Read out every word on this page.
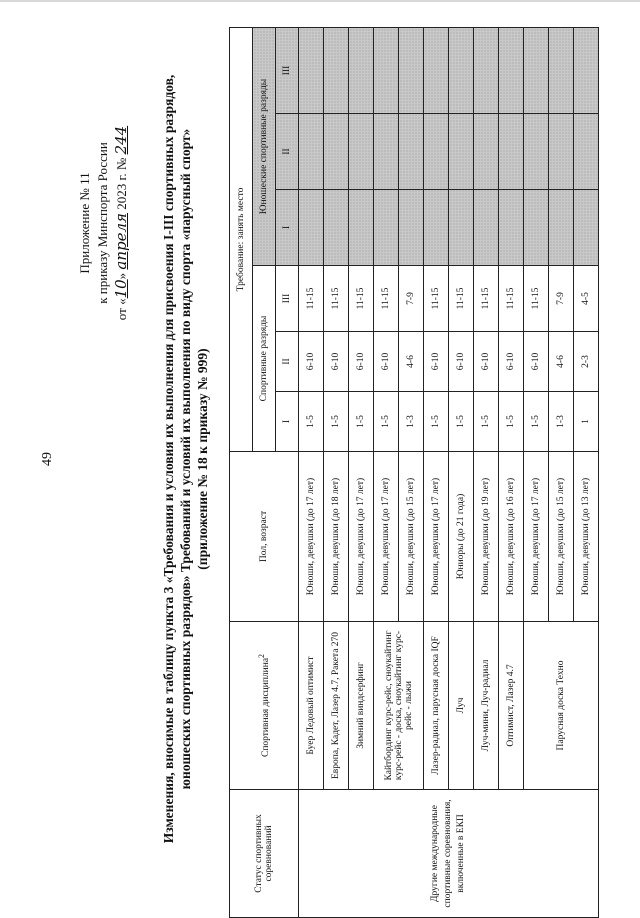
49
Приложение № 11 к приказу Минспорта России
от «10» апреля 2023 г. № 244 Изменения, вносимые в таблицу пункта 3 «Требования и условия их выполнения для присвоения I-III спортивных разрядов, юношеских спортивных разрядов» Требований и условий их выполнения по виду спорта «парусный спорт» (приложение № 18 к приказу № 999)
Статус спортивных соревнований	Спортивная дисциплина$^2$	Пол, возраст	Требование: занять место					
			Спортивные разряды			Юношеские спортивные разряды		
			I	II	III	I	II	III
Другие международные спортивные соревнования, включенные в ЕКП	Буер Ледовый оптимист	Юноши, девушки (до 17 лет)	1-5	6-10	11-15			
	Европа, Кадет, Лазер 4.7, Ракета 270	Юноши, девушки (до 18 лет)	1-5	6-10	11-15			
	Зимний виндсерфинг	Юноши, девушки (до 17 лет)	1-5	6-10	11-15			
	Кайтбординг курс-рейс, сноукайтинг курс-рейс - доска, сноукайтинг курс-рейс - лыжи	Юноши, девушки (до 17 лет)	1-5	6-10	11-15			
		Юноши, девушки (до 15 лет)	1-3	4-6	7-9			
	Лазер-радиал, парусная доска IQF	Юноши, девушки (до 17 лет)	1-5	6-10	11-15			
	Луч	Юниоры (до 21 года)	1-5	6-10	11-15			
	Луч-мини, Луч-радиал	Юноши, девушки (до 19 лет)	1-5	6-10	11-15			
	Оптимист, Лазер 4.7	Юноши, девушки (до 16 лет)	1-5	6-10	11-15			
	Парусная доска Техно	Юноши, девушки (до 17 лет)	1-5	6-10	11-15			
		Юноши, девушки (до 15 лет)	1-3	4-6	7-9			
		Юноши, девушки (до 13 лет)	1	2-3	4-5			
